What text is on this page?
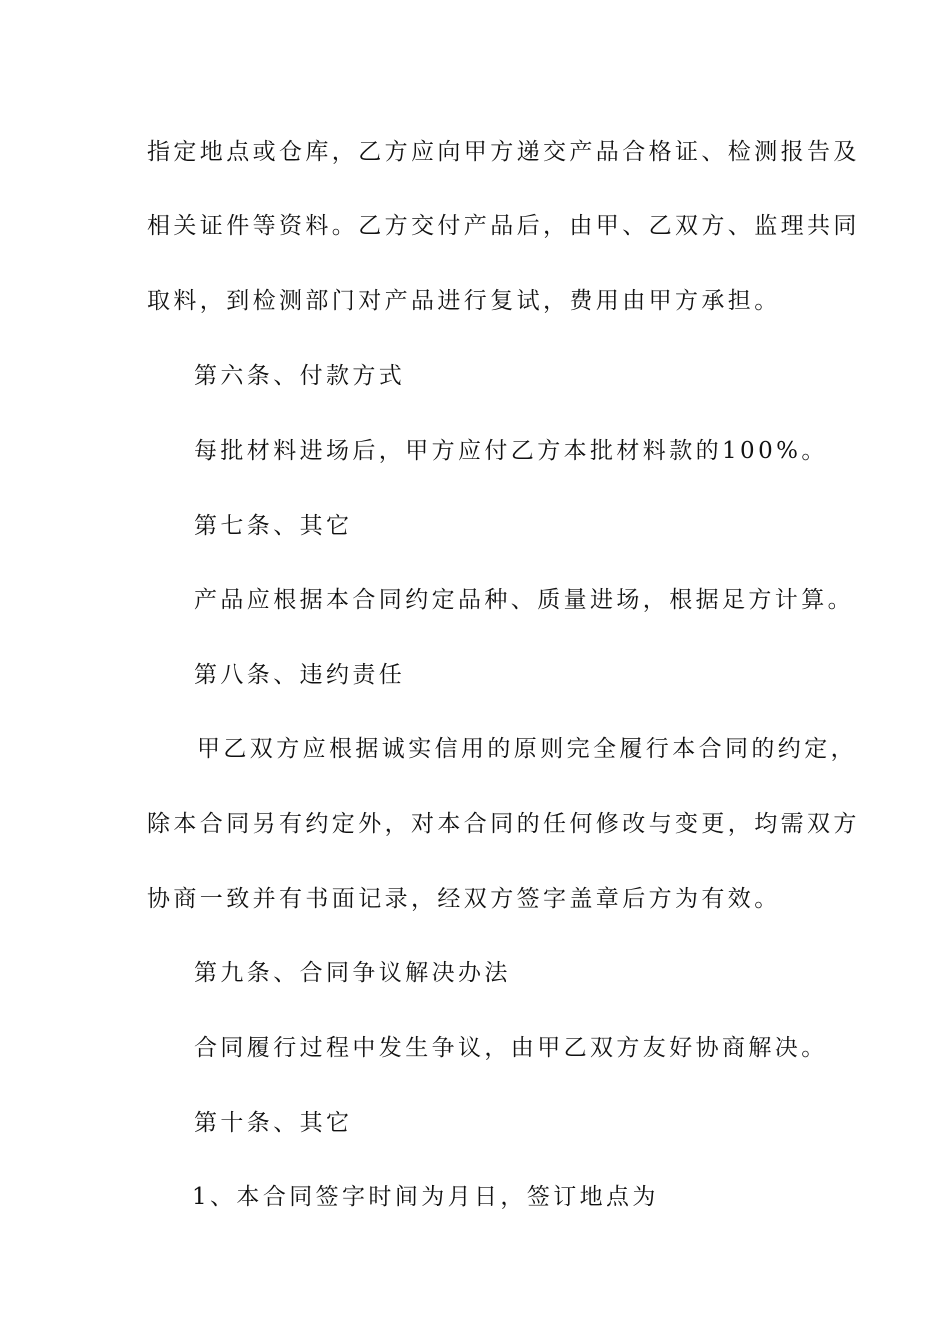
指定地点或仓库，乙方应向甲方递交产品合格证、检测报告及
相关证件等资料。乙方交付产品后，由甲、乙双方、监理共同
取料，到检测部门对产品进行复试，费用由甲方承担。
第六条、付款方式
每批材料进场后，甲方应付乙方本批材料款的100%。
第七条、其它
产品应根据本合同约定品种、质量进场，根据足方计算。
第八条、违约责任
甲乙双方应根据诚实信用的原则完全履行本合同的约定，
除本合同另有约定外，对本合同的任何修改与变更，均需双方
协商一致并有书面记录，经双方签字盖章后方为有效。
第九条、合同争议解决办法
合同履行过程中发生争议，由甲乙双方友好协商解决。
第十条、其它
1、本合同签字时间为月日，签订地点为
